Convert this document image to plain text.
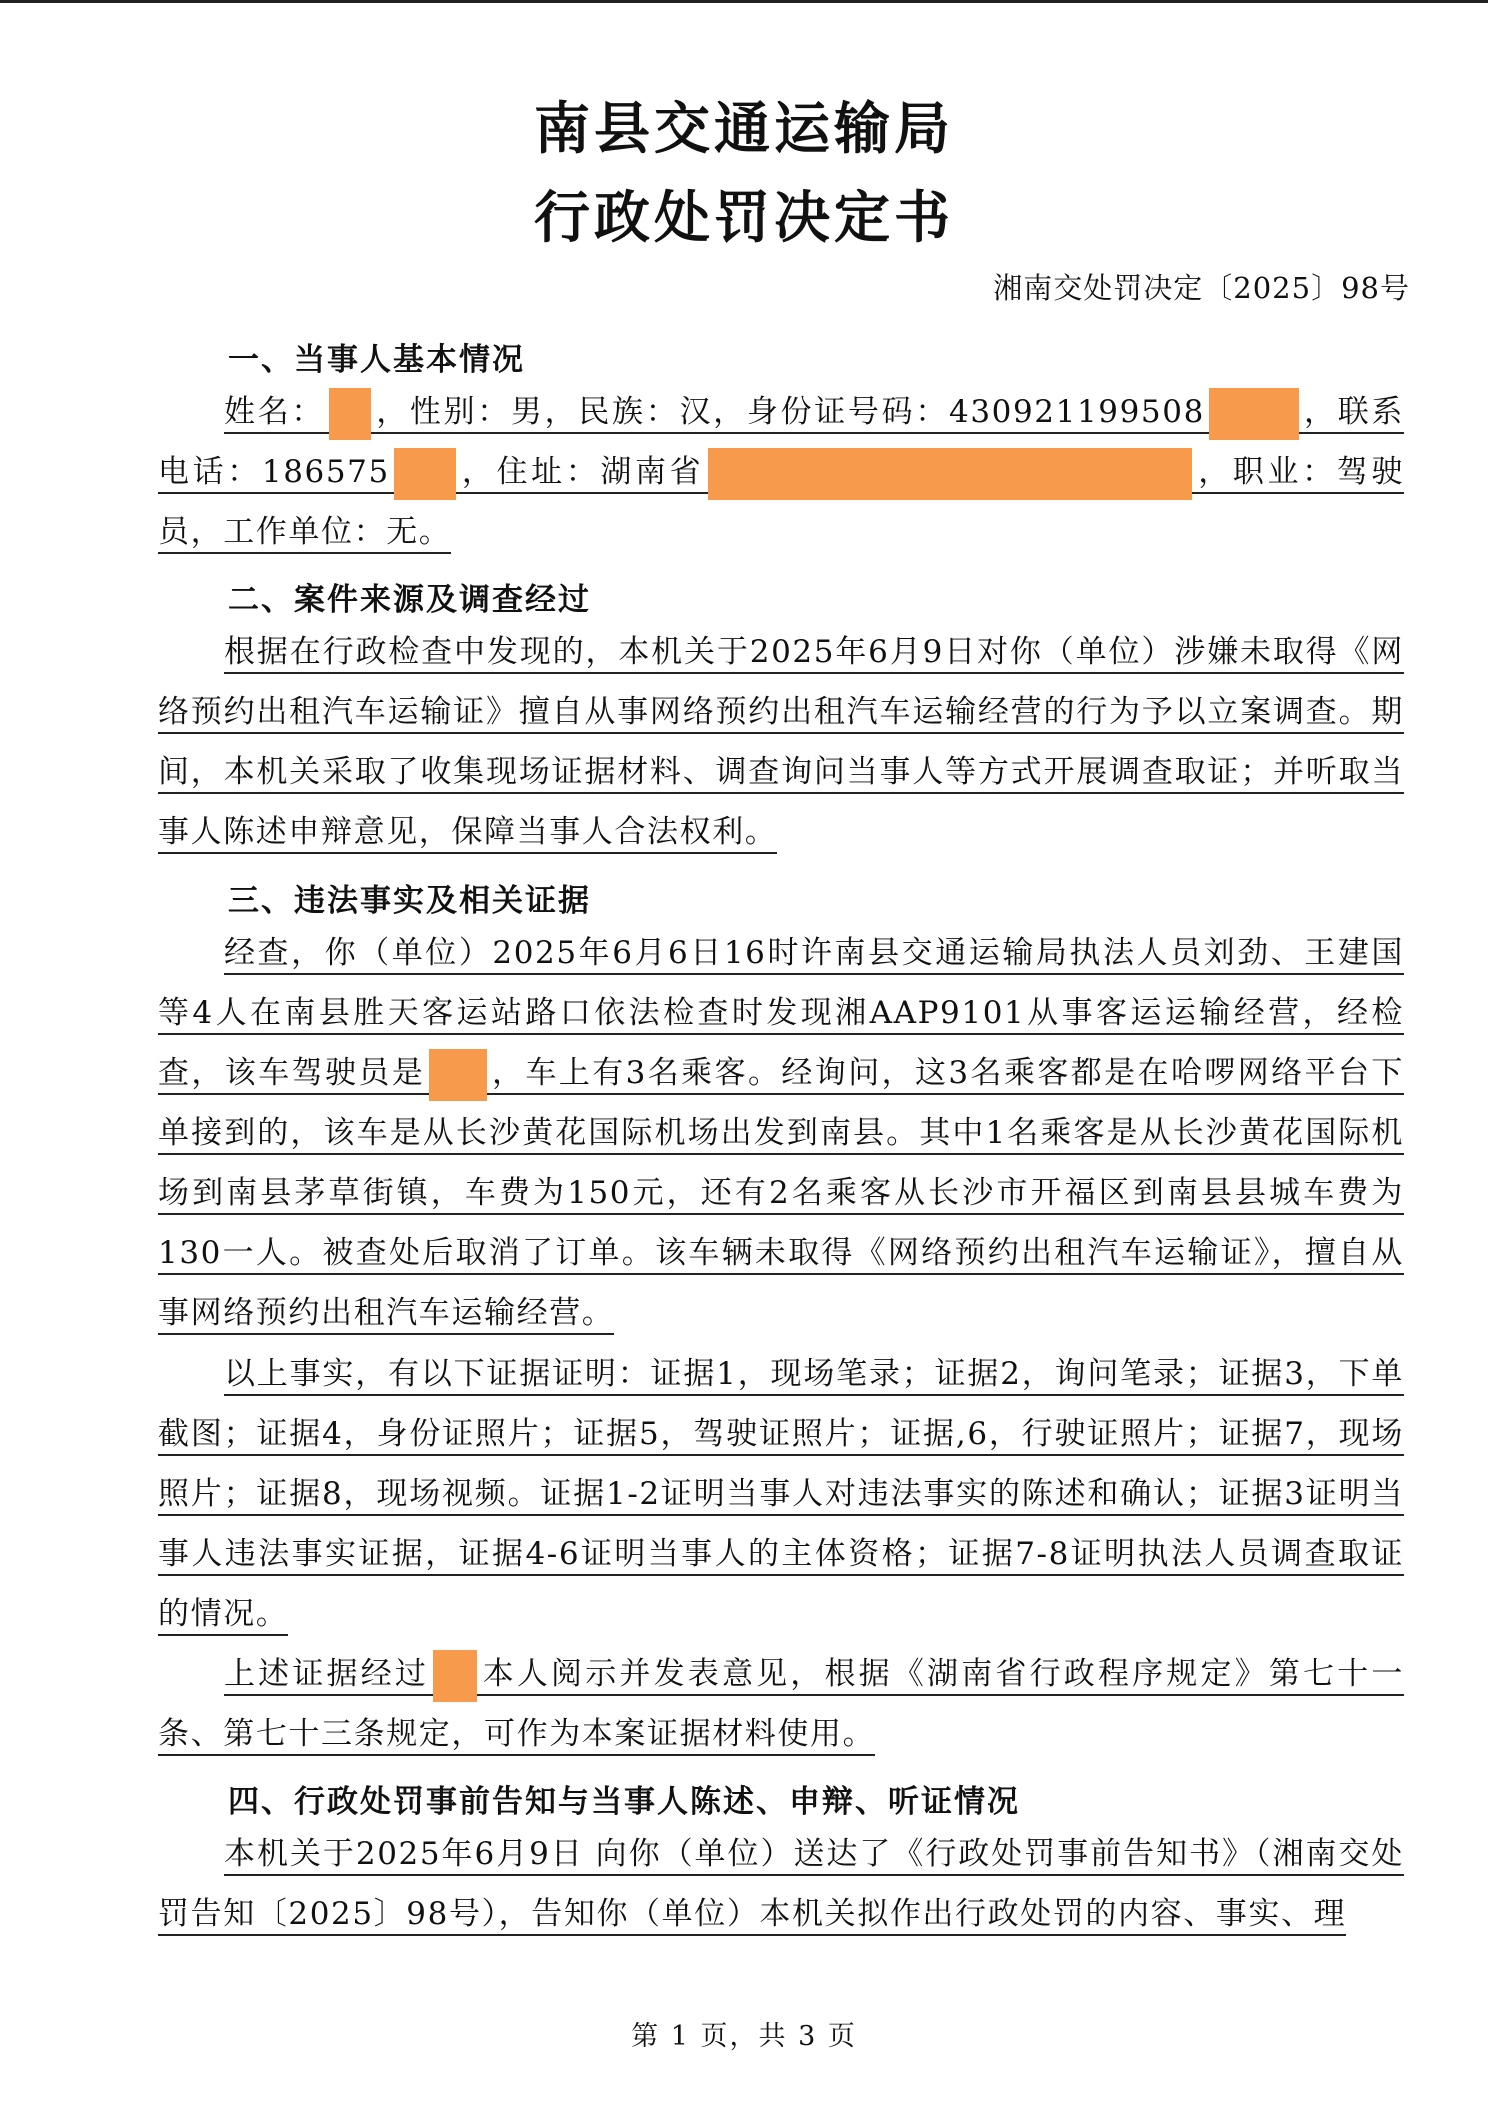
南县交通运输局
行政处罚决定书
湘南交处罚决定〔2025〕98号
一、当事人基本情况

姓名： ，性别：男，民族：汉，身份证号码：430921199508	，联系电话：186575 ，住址：湖南省	，职业：驾驶员，工作单位：无。

二、案件来源及调查经过

根据在行政检查中发现的，本机关于2025年6月9日对你（单位）涉嫌未取得《网络预约出租汽车运输证》擅自从事网络预约出租汽车运输经营的行为予以立案调查。期间，本机关采取了收集现场证据材料、调查询问当事人等方式开展调查取证；并听取当事人陈述申辩意见，保障当事人合法权利。

三、违法事实及相关证据

经查，你（单位）2025年6月6日16时许南县交通运输局执法人员刘劲、王建国等4人在南县胜天客运站路口依法检查时发现湘AAP9101从事客运运输经营，经检查，该车驾驶员是 ，车上有3名乘客。经询问，这3名乘客都是在哈啰网络平台下单接到的，该车是从长沙黄花国际机场出发到南县。其中1名乘客是从长沙黄花国际机场到南县茅草街镇，车费为150元，还有2名乘客从长沙市开福区到南县县城车费为130一人。被查处后取消了订单。该车辆未取得《网络预约出租汽车运输证》，擅自从事网络预约出租汽车运输经营。

以上事实，有以下证据证明：证据1，现场笔录；证据2，询问笔录；证据3，下单截图；证据4，身份证照片；证据5，驾驶证照片；证据,6，行驶证照片；证据7，现场照片；证据8，现场视频。证据1-2证明当事人对违法事实的陈述和确认；证据3证明当事人违法事实证据，证据4-6证明当事人的主体资格；证据7-8证明执法人员调查取证的情况。

上述证据经过 本人阅示并发表意见，根据《湖南省行政程序规定》第七十一条、第七十三条规定，可作为本案证据材料使用。

四、行政处罚事前告知与当事人陈述、申辩、听证情况

本机关于2025年6月9日 向你（单位）送达了《行政处罚事前告知书》（湘南交处罚告知〔2025〕98号），告知你（单位）本机关拟作出行政处罚的内容、事实、理

第 1 页，共 3 页
